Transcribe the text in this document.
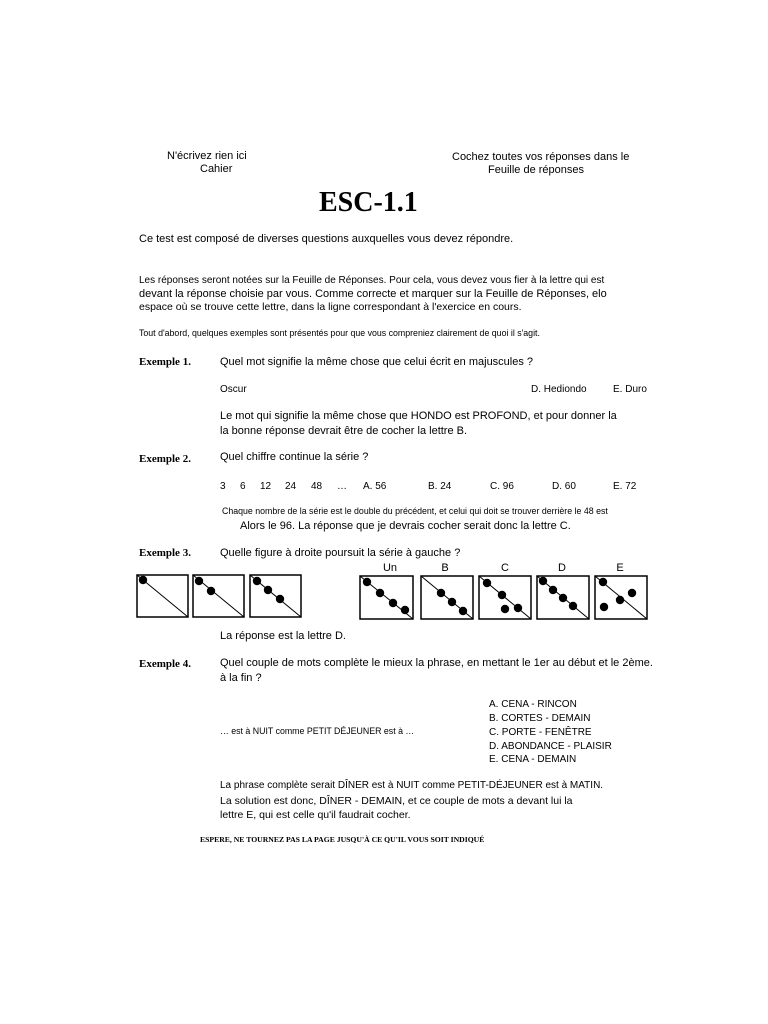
N'écrivez rien ici
Cahier
Cochez toutes vos réponses dans le
Feuille de réponses
ESC-1.1
Ce test est composé de diverses questions auxquelles vous devez répondre.
Les réponses seront notées sur la Feuille de Réponses. Pour cela, vous devez vous fier à la lettre qui est
devant la réponse choisie par vous. Comme correcte et marquer sur la Feuille de Réponses, elo
espace où se trouve cette lettre, dans la ligne correspondant à l'exercice en cours.
Tout d'abord, quelques exemples sont présentés pour que vous compreniez clairement de quoi il s'agit.
Exemple 1.	Quel mot signifie la même chose que celui écrit en majuscules ?
Oscur	D. Hediondo	E. Duro
Le mot qui signifie la même chose que HONDO est PROFOND, et pour donner la
la bonne réponse devrait être de cocher la lettre B.
Exemple 2.	Quel chiffre continue la série ?
3 6 12 24 48 … A. 56	B. 24	C. 96	D. 60	E. 72
Chaque nombre de la série est le double du précédent, et celui qui doit se trouver derrière le 48 est
Alors le 96. La réponse que je devrais cocher serait donc la lettre C.
Exemple 3.	Quelle figure à droite poursuit la série à gauche ?
Un	B	C	D	E
La réponse est la lettre D.
Exemple 4.	Quel couple de mots complète le mieux la phrase, en mettant le 1er au début et le 2ème.
à la fin ?
A. CENA - RINCON
B. CORTES - DEMAIN
C. PORTE - FENÊTRE
D. ABONDANCE - PLAISIR
E. CENA - DEMAIN
… est à NUIT comme PETIT DÉJEUNER est à …
La phrase complète serait DÎNER est à NUIT comme PETIT-DÉJEUNER est à MATIN.
La solution est donc, DÎNER - DEMAIN, et ce couple de mots a devant lui la
lettre E, qui est celle qu'il faudrait cocher.
ESPERE, NE TOURNEZ PAS LA PAGE JUSQU'À CE QU'IL VOUS SOIT INDIQUÉ
